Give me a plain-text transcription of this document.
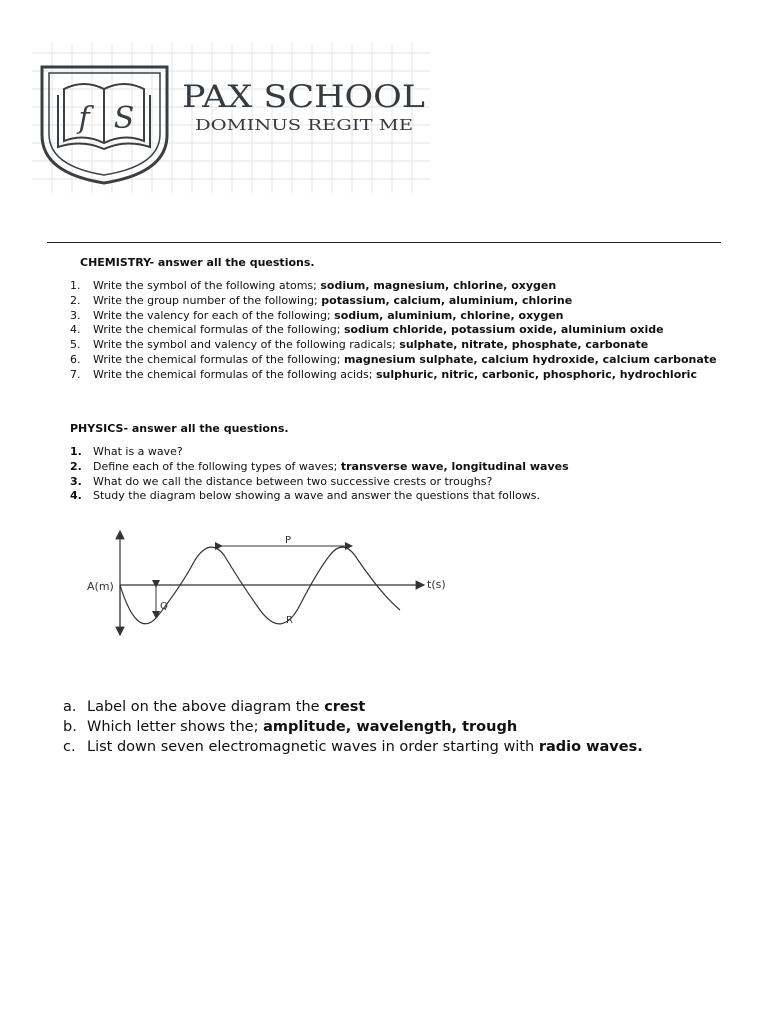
f S
PAX SCHOOL
DOMINUS REGIT ME
CHEMISTRY- answer all the questions.
1. Write the symbol of the following atoms; sodium, magnesium, chlorine, oxygen
2. Write the group number of the following; potassium, calcium, aluminium, chlorine
3. Write the valency for each of the following; sodium, aluminium, chlorine, oxygen
4. Write the chemical formulas of the following; sodium chloride, potassium oxide, aluminium oxide
5. Write the symbol and valency of the following radicals; sulphate, nitrate, phosphate, carbonate
6. Write the chemical formulas of the following; magnesium sulphate, calcium hydroxide, calcium carbonate
7. Write the chemical formulas of the following acids; sulphuric, nitric, carbonic, phosphoric, hydrochloric
PHYSICS- answer all the questions.
1. What is a wave?
2. Define each of the following types of waves; transverse wave, longitudinal waves
3. What do we call the distance between two successive crests or troughs?
4. Study the diagram below showing a wave and answer the questions that follows.
A(m)	t(s)
P
Q
R
a. Label on the above diagram the crest
b. Which letter shows the; amplitude, wavelength, trough
c. List down seven electromagnetic waves in order starting with radio waves.
